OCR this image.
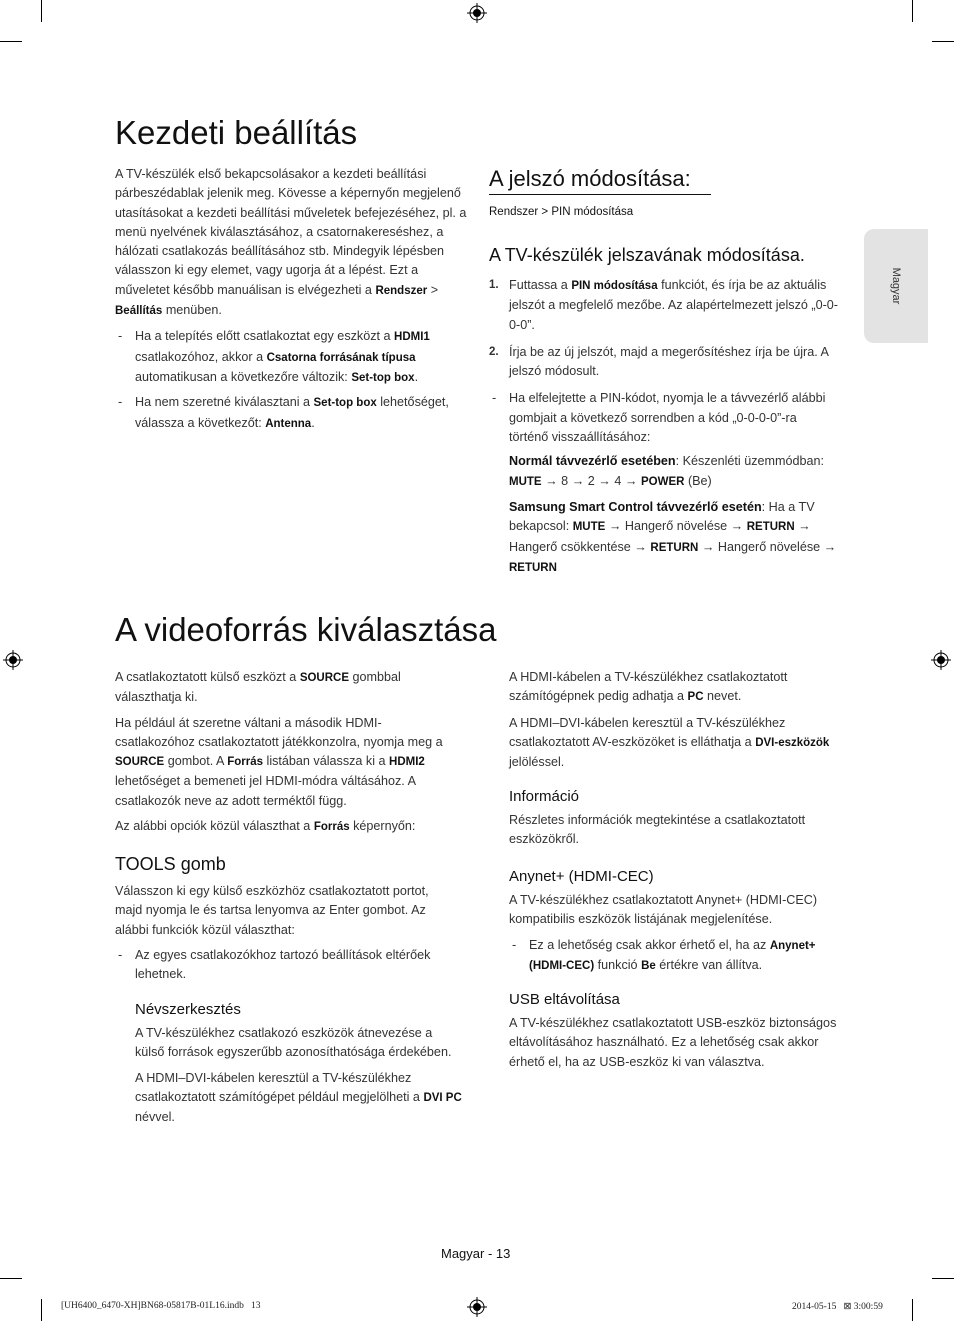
Magyar
Kezdeti beállítás

A TV-készülék első bekapcsolásakor a kezdeti beállítási párbeszédablak jelenik meg. Kövesse a képernyőn megjelenő utasításokat a kezdeti beállítási műveletek befejezéséhez, pl. a menü nyelvének kiválasztásához, a csatornakereséshez, a hálózati csatlakozás beállításához stb. Mindegyik lépésben válasszon ki egy elemet, vagy ugorja át a lépést. Ezt a műveletet később manuálisan is elvégezheti a Rendszer > Beállítás menüben.

- Ha a telepítés előtt csatlakoztat egy eszközt a HDMI1 csatlakozóhoz, akkor a Csatorna forrásának típusa automatikusan a következőre változik: Set-top box.
- Ha nem szeretné kiválasztani a Set-top box lehetőséget, válassza a következőt: Antenna.
A jelszó módosítása:
Rendszer > PIN módosítása
A TV-készülék jelszavának módosítása.
1. Futtassa a PIN módosítása funkciót, és írja be az aktuális jelszót a megfelelő mezőbe. Az alapértelmezett jelszó „0-0-0-0”.
2. Írja be az új jelszót, majd a megerősítéshez írja be újra. A jelszó módosult.
- Ha elfelejtette a PIN-kódot, nyomja le a távvezérlő alábbi gombjait a következő sorrendben a kód „0-0-0-0”-ra történő visszaállításához:
Normál távvezérlő esetében: Készenléti üzemmódban: MUTE → 8 → 2 → 4 → POWER (Be)
Samsung Smart Control távvezérlő esetén: Ha a TV bekapcsol: MUTE → Hangerő növelése → RETURN → Hangerő csökkentése → RETURN → Hangerő növelése → RETURN
A videoforrás kiválasztása

A csatlakoztatott külső eszközt a SOURCE gombbal választhatja ki.

Ha például át szeretne váltani a második HDMI-csatlakozóhoz csatlakoztatott játékkonzolra, nyomja meg a SOURCE gombot. A Forrás listában válassza ki a HDMI2 lehetőséget a bemeneti jel HDMI-módra váltásához. A csatlakozók neve az adott terméktől függ.

Az alábbi opciók közül választhat a Forrás képernyőn:

TOOLS gomb

Válasszon ki egy külső eszközhöz csatlakoztatott portot, majd nyomja le és tartsa lenyomva az Enter gombot. Az alábbi funkciók közül választhat:

- Az egyes csatlakozókhoz tartozó beállítások eltérőek lehetnek.
Névszerkesztés

A TV-készülékhez csatlakozó eszközök átnevezése a külső források egyszerűbb azonosíthatósága érdekében.

A HDMI–DVI-kábelen keresztül a TV-készülékhez csatlakoztatott számítógépet például megjelölheti a DVI PC névvel.

A HDMI-kábelen a TV-készülékhez csatlakoztatott számítógépnek pedig adhatja a PC nevet.

A HDMI–DVI-kábelen keresztül a TV-készülékhez csatlakoztatott AV-eszközöket is elláthatja a DVI-eszközök jelöléssel.

Információ
Részletes információk megtekintése a csatlakoztatott eszközökről.
Anynet+ (HDMI-CEC)

A TV-készülékhez csatlakoztatott Anynet+ (HDMI-CEC) kompatibilis eszközök listájának megjelenítése.

- Ez a lehetőség csak akkor érhető el, ha az Anynet+ (HDMI-CEC) funkció Be értékre van állítva.
USB eltávolítása
A TV-készülékhez csatlakoztatott USB-eszköz biztonságos eltávolításához használható. Ez a lehetőség csak akkor érhető el, ha az USB-eszköz ki van választva.
Magyar - 13
[UH6400_6470-XH]BN68-05817B-01L16.indb   13	2014-05-15   ⊠ 3:00:59
